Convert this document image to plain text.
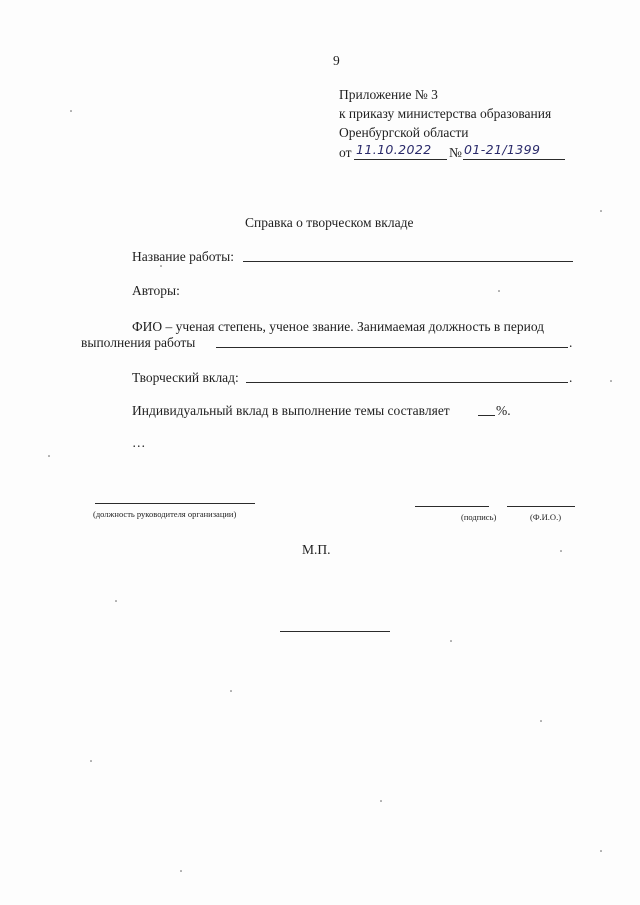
9
Приложение № 3
к приказу министерства образования
Оренбургской области
от 11.10.2022 № 01-21/1399
Справка о творческом вкладе
Название работы:
Авторы:
ФИО – ученая степень, ученое звание. Занимаемая должность в период
выполнения работы	.
Творческий вклад:	.
Индивидуальный вклад в выполнение темы составляет	%.
…
(должность руководителя организации)	(подпись)	(Ф.И.О.)
М.П.
